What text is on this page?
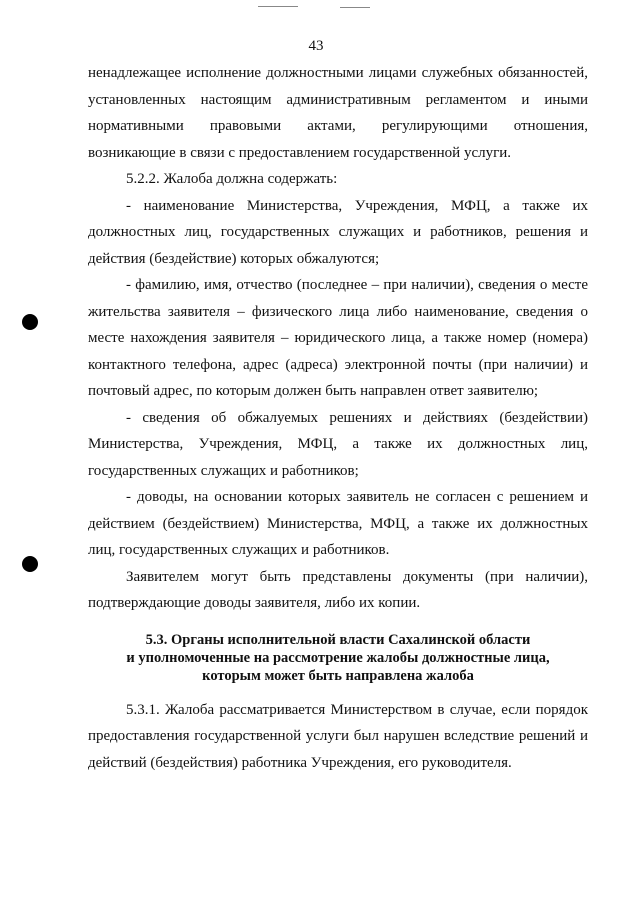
43

ненадлежащее исполнение должностными лицами служебных обязанностей, установленных настоящим административным регламентом и иными нормативными правовыми актами, регулирующими отношения, возникающие в связи с предоставлением государственной услуги.

5.2.2. Жалоба должна содержать:

- наименование Министерства, Учреждения, МФЦ, а также их должностных лиц, государственных служащих и работников, решения и действия (бездействие) которых обжалуются;

- фамилию, имя, отчество (последнее – при наличии), сведения о месте жительства заявителя – физического лица либо наименование, сведения о месте нахождения заявителя – юридического лица, а также номер (номера) контактного телефона, адрес (адреса) электронной почты (при наличии) и почтовый адрес, по которым должен быть направлен ответ заявителю;

- сведения об обжалуемых решениях и действиях (бездействии) Министерства, Учреждения, МФЦ, а также их должностных лиц, государственных служащих и работников;

- доводы, на основании которых заявитель не согласен с решением и действием (бездействием) Министерства, МФЦ, а также их должностных лиц, государственных служащих и работников.

Заявителем могут быть представлены документы (при наличии), подтверждающие доводы заявителя, либо их копии.

5.3. Органы исполнительной власти Сахалинской области
и уполномоченные на рассмотрение жалобы должностные лица,
которым может быть направлена жалоба

5.3.1. Жалоба рассматривается Министерством в случае, если порядок предоставления государственной услуги был нарушен вследствие решений и действий (бездействия) работника Учреждения, его руководителя.
